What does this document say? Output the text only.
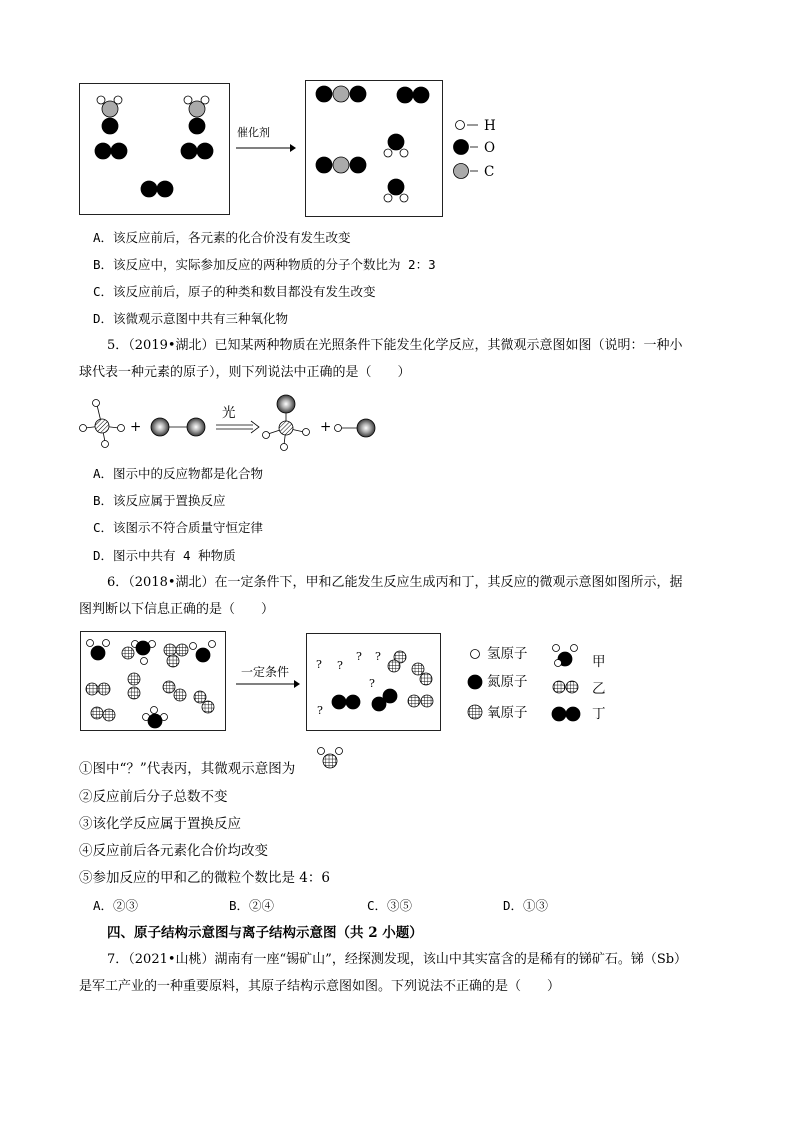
催化剂	H
O
C
A．该反应前后，各元素的化合价没有发生改变
B．该反应中，实际参加反应的两种物质的分子个数比为 2：3
C．该反应前后，原子的种类和数目都没有发生改变
D．该微观示意图中共有三种氧化物
5．（2019•湖北）已知某两种物质在光照条件下能发生化学反应，其微观示意图如图（说明：一种小
球代表一种元素的原子），则下列说法中正确的是（　　）
+
光
+
A．图示中的反应物都是化合物
B．该反应属于置换反应
C．该图示不符合质量守恒定律
D．图示中共有 4 种物质
6．（2018•湖北）在一定条件下，甲和乙能发生反应生成丙和丁，其反应的微观示意图如图所示，据
图判断以下信息正确的是（　　）
一定条件
? ?
? ?
?
?
氢原子
氮原子
氧原子
甲
乙
丁
①图中“？”代表丙，其微观示意图为
②反应前后分子总数不变
③该化学反应属于置换反应
④反应前后各元素化合价均改变
⑤参加反应的甲和乙的微粒个数比是 4：6
A．②③	B．②④	C．③⑤	D．①③
四、原子结构示意图与离子结构示意图（共 2 小题）
7．（2021•山桃）湖南有一座“锡矿山”，经探测发现，该山中其实富含的是稀有的锑矿石。锑（Sb）
是军工产业的一种重要原料，其原子结构示意图如图。下列说法不正确的是（　　）
